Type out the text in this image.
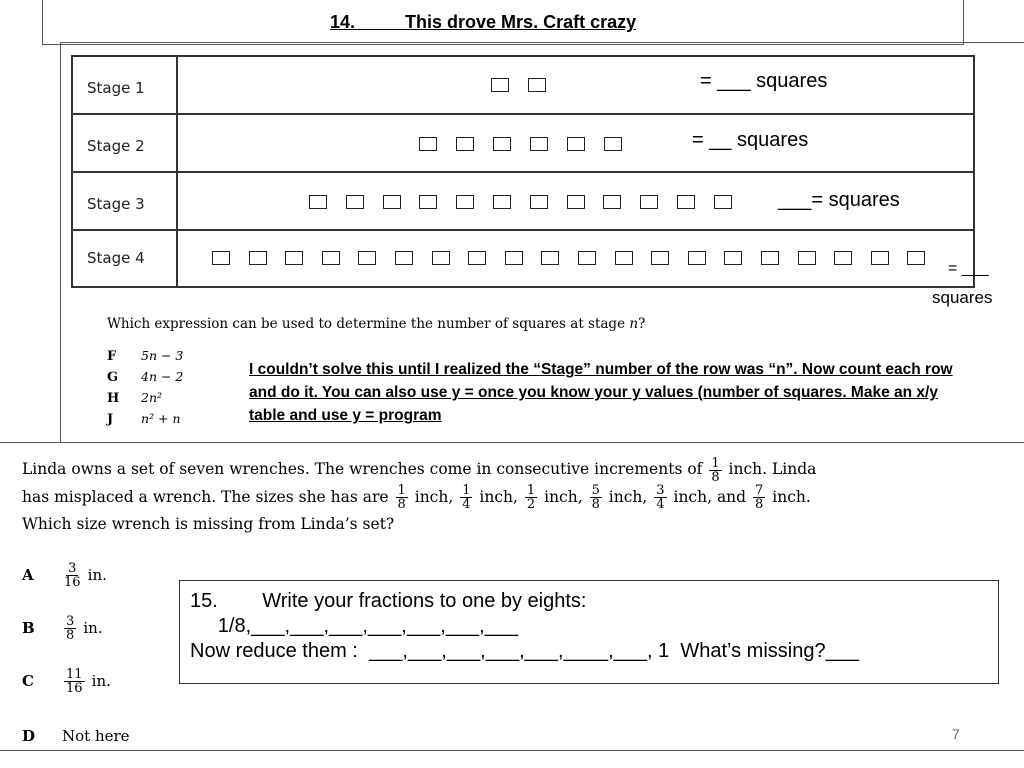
14.          This drove Mrs. Craft crazy
Stage 1
Stage 2
Stage 3
Stage 4
= ___ squares
= __ squares
___= squares
= ___
squares
Which expression can be used to determine the number of squares at stage n?
F 5n − 3
G 4n − 2
H 2n²
J n² + n
I couldn’t solve this until I realized the “Stage” number of the row was “n”. Now count each row and do it. You can also use y = once you know your y values (number of squares. Make an x/y table and use y = program
Linda owns a set of seven wrenches. The wrenches come in consecutive increments of $\frac{1}{8}$ inch. Linda
has misplaced a wrench. The sizes she has are $\frac{1}{8}$ inch, $\frac{1}{4}$ inch, $\frac{1}{2}$ inch, $\frac{5}{8}$ inch, $\frac{3}{4}$ inch, and $\frac{7}{8}$ inch.
Which size wrench is missing from Linda’s set?
A $\frac{3}{16}$ in.
B $\frac{3}{8}$ in.
C $\frac{11}{16}$ in.
D Not here
15.        Write your fractions to one by eights:
1/8,___,___,___,___,___,___,___
Now reduce them :  ___,___,___,___,___,____,___, 1  What’s missing?___
7
